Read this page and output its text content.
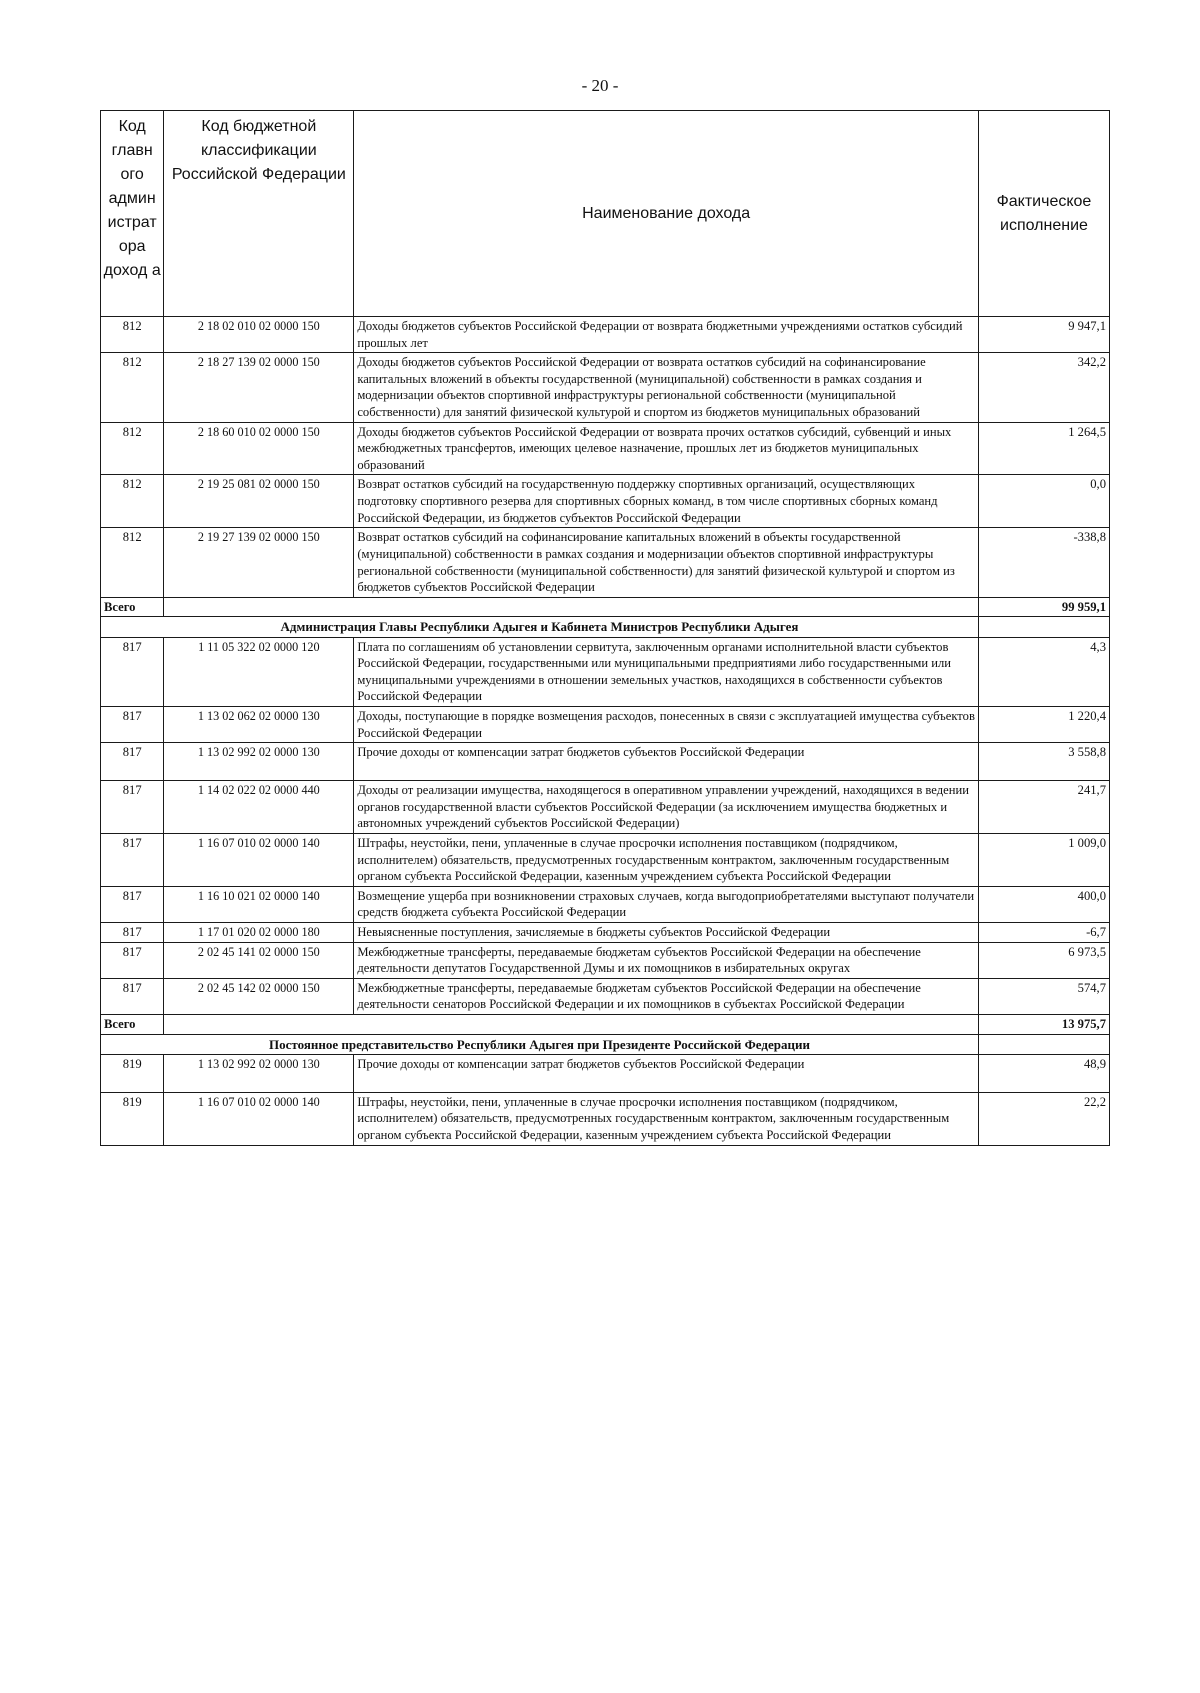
- 20 -
Код главн ого админ истрат ора доход а	Код бюджетной классификации Российской Федерации	Наименование дохода	Фактическое исполнение
812	2 18 02 010 02 0000 150	Доходы бюджетов субъектов Российской Федерации от возврата бюджетными учреждениями остатков субсидий прошлых лет	9 947,1
812	2 18 27 139 02 0000 150	Доходы бюджетов субъектов Российской Федерации от возврата остатков субсидий на софинансирование капитальных вложений в объекты государственной (муниципальной) собственности в рамках создания и модернизации объектов спортивной инфраструктуры региональной собственности (муниципальной собственности) для занятий физической культурой и спортом из бюджетов муниципальных образований	342,2
812	2 18 60 010 02 0000 150	Доходы бюджетов субъектов Российской Федерации от возврата прочих остатков субсидий, субвенций и иных межбюджетных трансфертов, имеющих целевое назначение, прошлых лет из бюджетов муниципальных образований	1 264,5
812	2 19 25 081 02 0000 150	Возврат остатков субсидий на государственную поддержку спортивных организаций, осуществляющих подготовку спортивного резерва для спортивных сборных команд, в том числе спортивных сборных команд Российской Федерации, из бюджетов субъектов Российской Федерации	0,0
812	2 19 27 139 02 0000 150	Возврат остатков субсидий на софинансирование капитальных вложений в объекты государственной (муниципальной) собственности в рамках создания и модернизации объектов спортивной инфраструктуры региональной собственности (муниципальной собственности) для занятий физической культурой и спортом из бюджетов субъектов Российской Федерации	-338,8
Всего			99 959,1
Администрация Главы Республики Адыгея и Кабинета Министров Республики Адыгея			
817	1 11 05 322 02 0000 120	Плата по соглашениям об установлении сервитута, заключенным органами исполнительной власти субъектов Российской Федерации, государственными или муниципальными предприятиями либо государственными или муниципальными учреждениями в отношении земельных участков, находящихся в собственности субъектов Российской Федерации	4,3
817	1 13 02 062 02 0000 130	Доходы, поступающие в порядке возмещения расходов, понесенных в связи с эксплуатацией имущества субъектов Российской Федерации	1 220,4
817	1 13 02 992 02 0000 130	Прочие доходы от компенсации затрат бюджетов субъектов Российской Федерации	3 558,8
817	1 14 02 022 02 0000 440	Доходы от реализации имущества, находящегося в оперативном управлении учреждений, находящихся в ведении органов государственной власти субъектов Российской Федерации (за исключением имущества бюджетных и автономных учреждений субъектов Российской Федерации)	241,7
817	1 16 07 010 02 0000 140	Штрафы, неустойки, пени, уплаченные в случае просрочки исполнения поставщиком (подрядчиком, исполнителем) обязательств, предусмотренных государственным контрактом, заключенным государственным органом субъекта Российской Федерации, казенным учреждением субъекта Российской Федерации	1 009,0
817	1 16 10 021 02 0000 140	Возмещение ущерба при возникновении страховых случаев, когда выгодоприобретателями выступают получатели средств бюджета субъекта Российской Федерации	400,0
817	1 17 01 020 02 0000 180	Невыясненные поступления, зачисляемые в бюджеты субъектов Российской Федерации	-6,7
817	2 02 45 141 02 0000 150	Межбюджетные трансферты, передаваемые бюджетам субъектов Российской Федерации на обеспечение деятельности депутатов Государственной Думы и их помощников в избирательных округах	6 973,5
817	2 02 45 142 02 0000 150	Межбюджетные трансферты, передаваемые бюджетам субъектов Российской Федерации на обеспечение деятельности сенаторов Российской Федерации и их помощников в субъектах Российской Федерации	574,7
Всего			13 975,7
Постоянное представительство Республики Адыгея при Президенте Российской Федерации			
819	1 13 02 992 02 0000 130	Прочие доходы от компенсации затрат бюджетов субъектов Российской Федерации	48,9
819	1 16 07 010 02 0000 140	Штрафы, неустойки, пени, уплаченные в случае просрочки исполнения поставщиком (подрядчиком, исполнителем) обязательств, предусмотренных государственным контрактом, заключенным государственным органом субъекта Российской Федерации, казенным учреждением субъекта Российской Федерации	22,2
